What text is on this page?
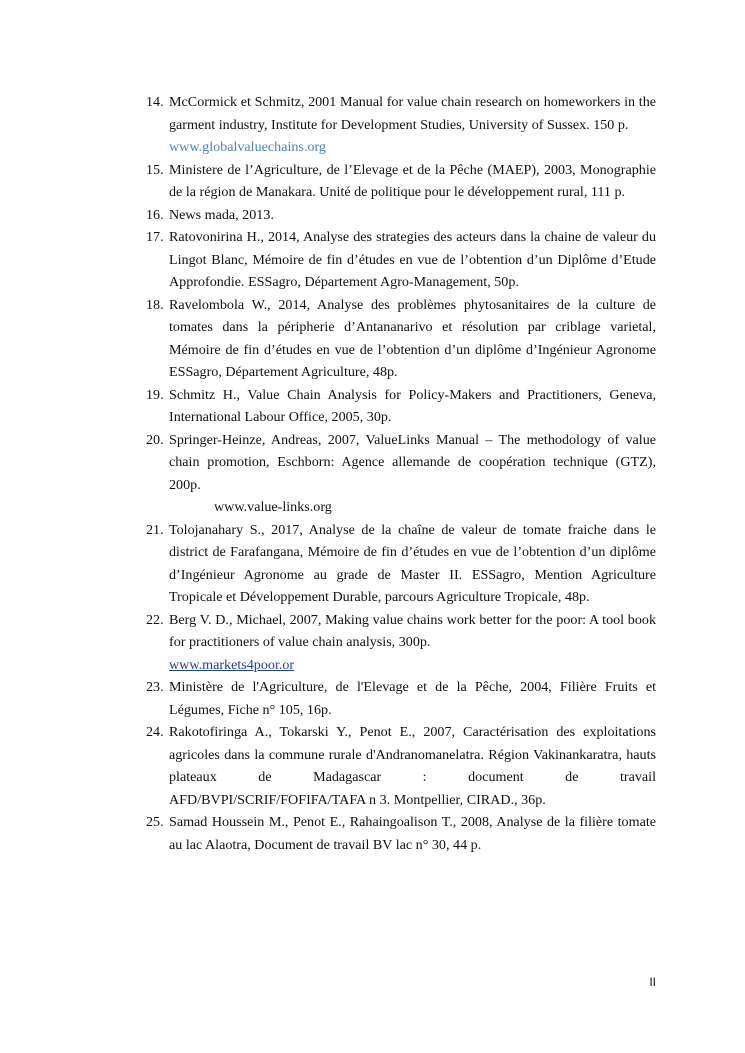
14. McCormick et Schmitz, 2001 Manual for value chain research on homeworkers in the garment industry, Institute for Development Studies, University of Sussex. 150 p.
www.globalvaluechains.org
15. Ministere de l’Agriculture, de l’Elevage et de la Pêche (MAEP), 2003, Monographie de la région de Manakara. Unité de politique pour le développement rural, 111 p.
16. News mada, 2013.
17. Ratovonirina H., 2014, Analyse des strategies des acteurs dans la chaine de valeur du Lingot Blanc, Mémoire de fin d’études en vue de l’obtention d’un Diplôme d’Etude Approfondie. ESSagro, Département Agro-Management, 50p.
18. Ravelombola W., 2014, Analyse des problèmes phytosanitaires de la culture de tomates dans la péripherie d’Antananarivo et résolution par criblage varietal, Mémoire de fin d’études en vue de l’obtention d’un diplôme d’Ingénieur Agronome ESSagro, Département Agriculture, 48p.
19. Schmitz H., Value Chain Analysis for Policy-Makers and Practitioners, Geneva, International Labour Office, 2005, 30p.
20. Springer-Heinze, Andreas, 2007, ValueLinks Manual – The methodology of value chain promotion, Eschborn: Agence allemande de coopération technique (GTZ), 200p.
www.value-links.org
21. Tolojanahary S., 2017, Analyse de la chaîne de valeur de tomate fraiche dans le district de Farafangana, Mémoire de fin d’études en vue de l’obtention d’un diplôme d’Ingénieur Agronome au grade de Master II. ESSagro, Mention Agriculture Tropicale et Développement Durable, parcours Agriculture Tropicale, 48p.
22. Berg V. D., Michael, 2007, Making value chains work better for the poor: A tool book for practitioners of value chain analysis, 300p.
www.markets4poor.or
23. Ministère de l'Agriculture, de l'Elevage et de la Pêche, 2004, Filière Fruits et Légumes, Fiche n° 105, 16p.
24. Rakotofiringa A., Tokarski Y., Penot E., 2007, Caractérisation des exploitations agricoles dans la commune rurale d'Andranomanelatra. Région Vakinankaratra, hauts plateaux de Madagascar : document de travail
AFD/BVPI/SCRIF/FOFIFA/TAFA n 3. Montpellier, CIRAD., 36p.
25. Samad Houssein M., Penot E., Rahaingoalison T., 2008, Analyse de la filière tomate au lac Alaotra, Document de travail BV lac n° 30, 44 p.
II
